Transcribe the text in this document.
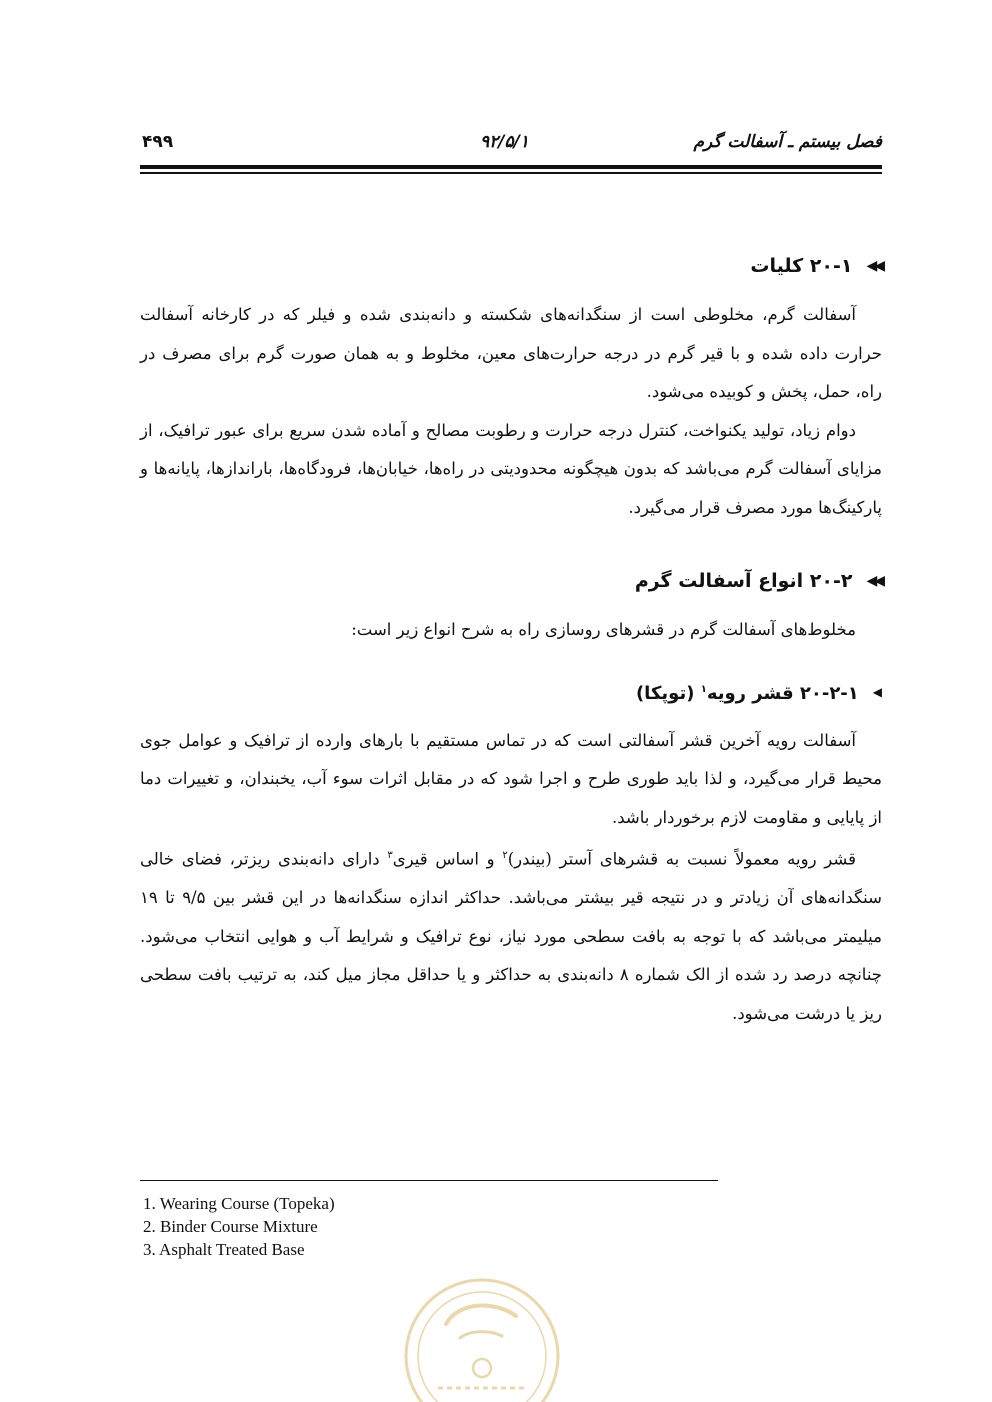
۴۹۹	۹۲/۵/۱	فصل بیستم ـ آسفالت گرم
◀◀
۲۰-۱ کلیات

آسفالت گرم، مخلوطی است از سنگدانه‌های شکسته و دانه‌بندی شده و فیلر که در کارخانه آسفالت حرارت داده شده و با قیر گرم در درجه حرارت‌های معین، مخلوط و به همان صورت گرم برای مصرف در راه، حمل، پخش و کوبیده می‌شود.

دوام زیاد، تولید یکنواخت، کنترل درجه حرارت و رطوبت مصالح و آماده شدن سریع برای عبور ترافیک، از مزایای آسفالت گرم می‌باشد که بدون هیچگونه محدودیتی در راه‌ها، خیابان‌ها، فرودگاه‌ها، باراندازها، پایانه‌ها و پارکینگ‌ها مورد مصرف قرار می‌گیرد.

◀◀
۲۰-۲ انواع آسفالت گرم

مخلوط‌های آسفالت گرم در قشرهای روسازی راه به شرح انواع زیر است:

◀
۲۰-۲-۱ قشر رویه$^۱$ (توپکا)

آسفالت رویه آخرین قشر آسفالتی است که در تماس مستقیم با بارهای وارده از ترافیک و عوامل جوی محیط قرار می‌گیرد، و لذا باید طوری طرح و اجرا شود که در مقابل اثرات سوء آب، یخبندان، و تغییرات دما از پایایی و مقاومت لازم برخوردار باشد.

قشر رویه معمولاً نسبت به قشرهای آستر (بیندر)$^۲$ و اساس قیری$^۳$ دارای دانه‌بندی ریزتر، فضای خالی سنگدانه‌های آن زیادتر و در نتیجه قیر بیشتر می‌باشد. حداکثر اندازه سنگدانه‌ها در این قشر بین ۹/۵ تا ۱۹ میلیمتر می‌باشد که با توجه به بافت سطحی مورد نیاز، نوع ترافیک و شرایط آب و هوایی انتخاب می‌شود. چنانچه درصد رد شده از الک شماره ۸ دانه‌بندی به حداکثر و یا حداقل مجاز میل کند، به ترتیب بافت سطحی ریز یا درشت می‌شود.

1. Wearing Course (Topeka)
2. Binder Course Mixture
3. Asphalt Treated Base
